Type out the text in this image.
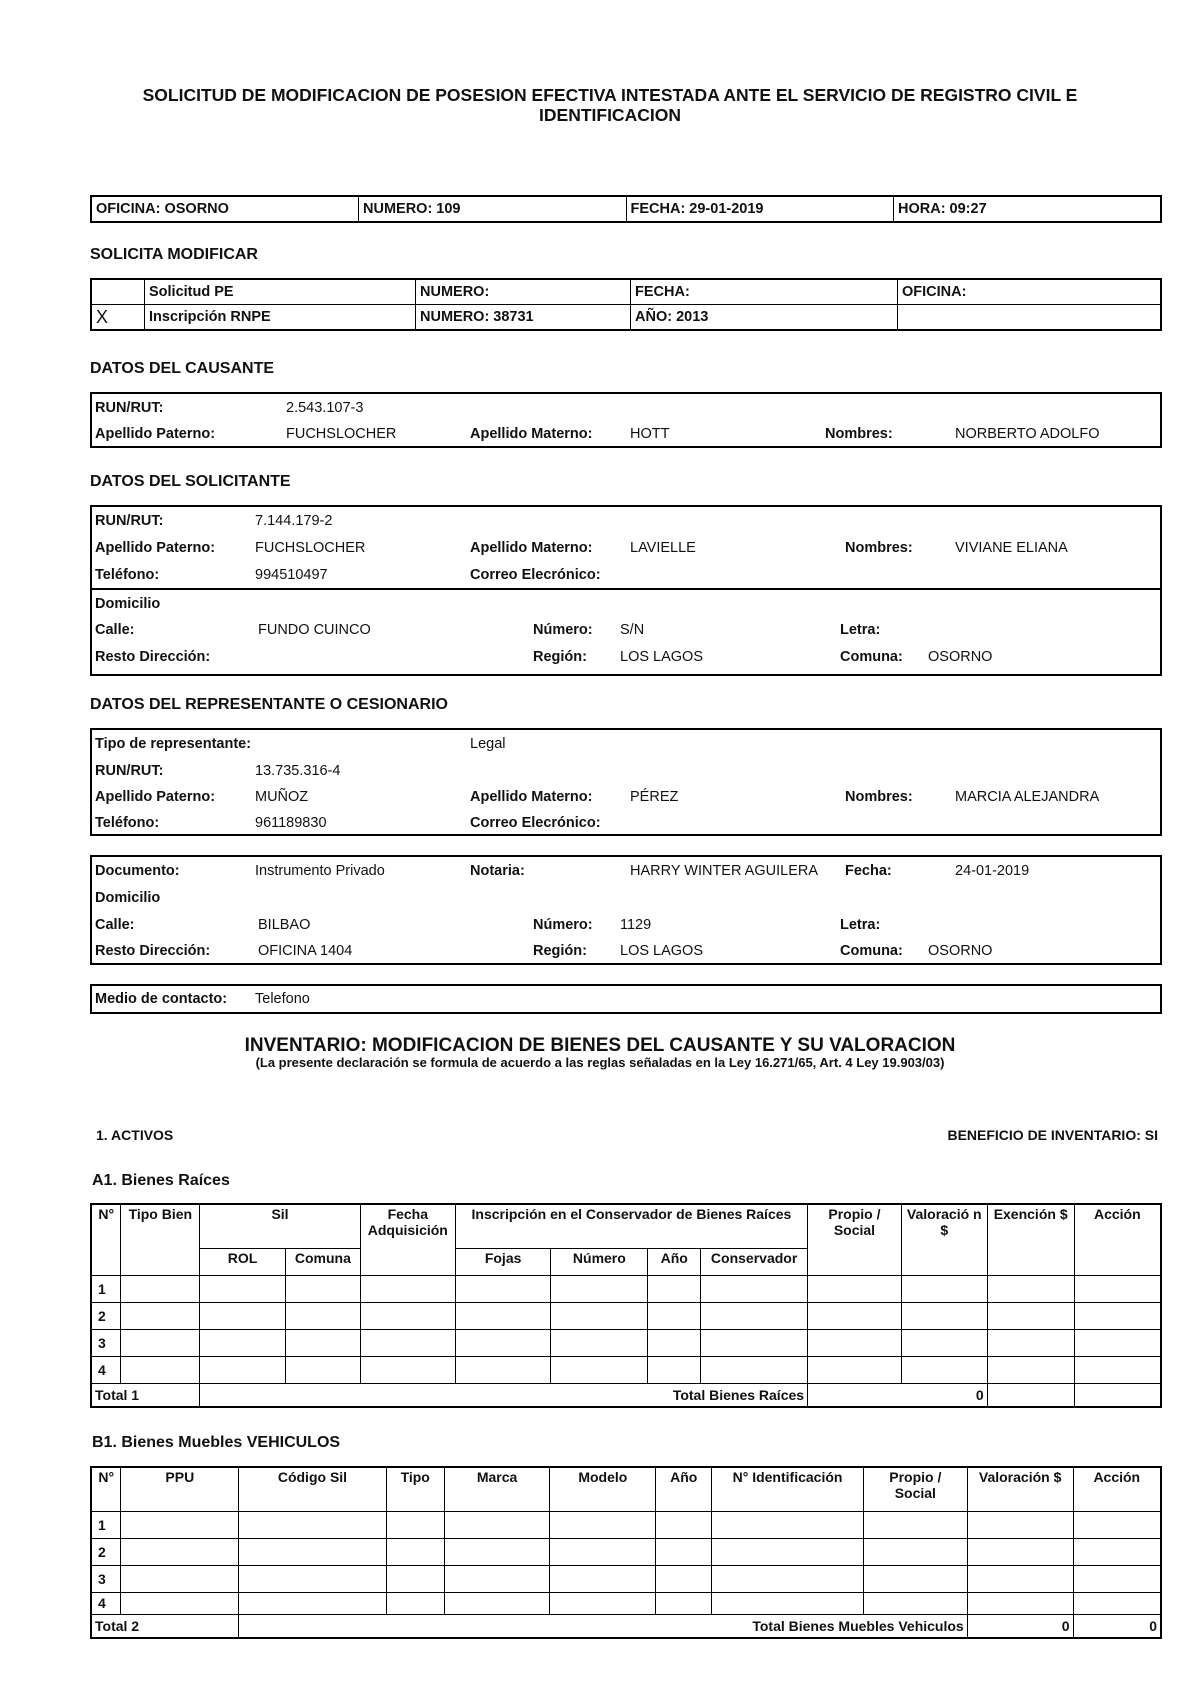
SOLICITUD DE MODIFICACION DE POSESION EFECTIVA INTESTADA ANTE EL SERVICIO DE REGISTRO CIVIL E IDENTIFICACION
OFICINA: OSORNO	NUMERO: 109	FECHA: 29-01-2019	HORA: 09:27
SOLICITA MODIFICAR
	Solicitud PE	NUMERO:	FECHA:	OFICINA:
X	Inscripción RNPE	NUMERO: 38731	AÑO: 2013	
DATOS DEL CAUSANTE
RUN/RUT:	2.543.107-3
Apellido Paterno:	FUCHSLOCHER	Apellido Materno:	HOTT	Nombres:	NORBERTO ADOLFO
DATOS DEL SOLICITANTE
RUN/RUT:	7.144.179-2
Apellido Paterno:	FUCHSLOCHER	Apellido Materno:	LAVIELLE	Nombres:	VIVIANE ELIANA
Teléfono:	994510497	Correo Elecrónico:
Domicilio
Calle:	FUNDO CUINCO	Número: S/N	Letra:
Resto Dirección:	Región: LOS LAGOS	Comuna: OSORNO
DATOS DEL REPRESENTANTE O CESIONARIO
Tipo de representante:	Legal
RUN/RUT:	13.735.316-4
Apellido Paterno:	MUÑOZ	Apellido Materno:	PÉREZ	Nombres:	MARCIA ALEJANDRA
Teléfono:	961189830	Correo Elecrónico:
Documento:	Instrumento Privado	Notaria:	HARRY WINTER AGUILERA Fecha:	24-01-2019
Domicilio
Calle:	BILBAO	Número: 1129	Letra:
Resto Dirección:	OFICINA 1404	Región: LOS LAGOS	Comuna: OSORNO
Medio de contacto: Telefono
INVENTARIO: MODIFICACION DE BIENES DEL CAUSANTE Y SU VALORACION
(La presente declaración se formula de acuerdo a las reglas señaladas en la Ley 16.271/65, Art. 4 Ley 19.903/03)
1. ACTIVOS	BENEFICIO DE INVENTARIO: SI
A1. Bienes Raíces
N°	Tipo Bien	Sil		Fecha Adquisición	Inscripción en el Conservador de Bienes Raíces				Propio / Social	Valoració n $	Exención $	Acción
		ROL	Comuna		Fojas	Número	Año	Conservador				
1												
2												
3												
4												
Total 1		Total Bienes Raíces							0			
B1. Bienes Muebles VEHICULOS
N°	PPU	Código Sil	Tipo	Marca	Modelo	Año	N° Identificación	Propio / Social	Valoración $	Acción
1										
2										
3										
4										
Total 2		Total Bienes Muebles Vehiculos							0	0
